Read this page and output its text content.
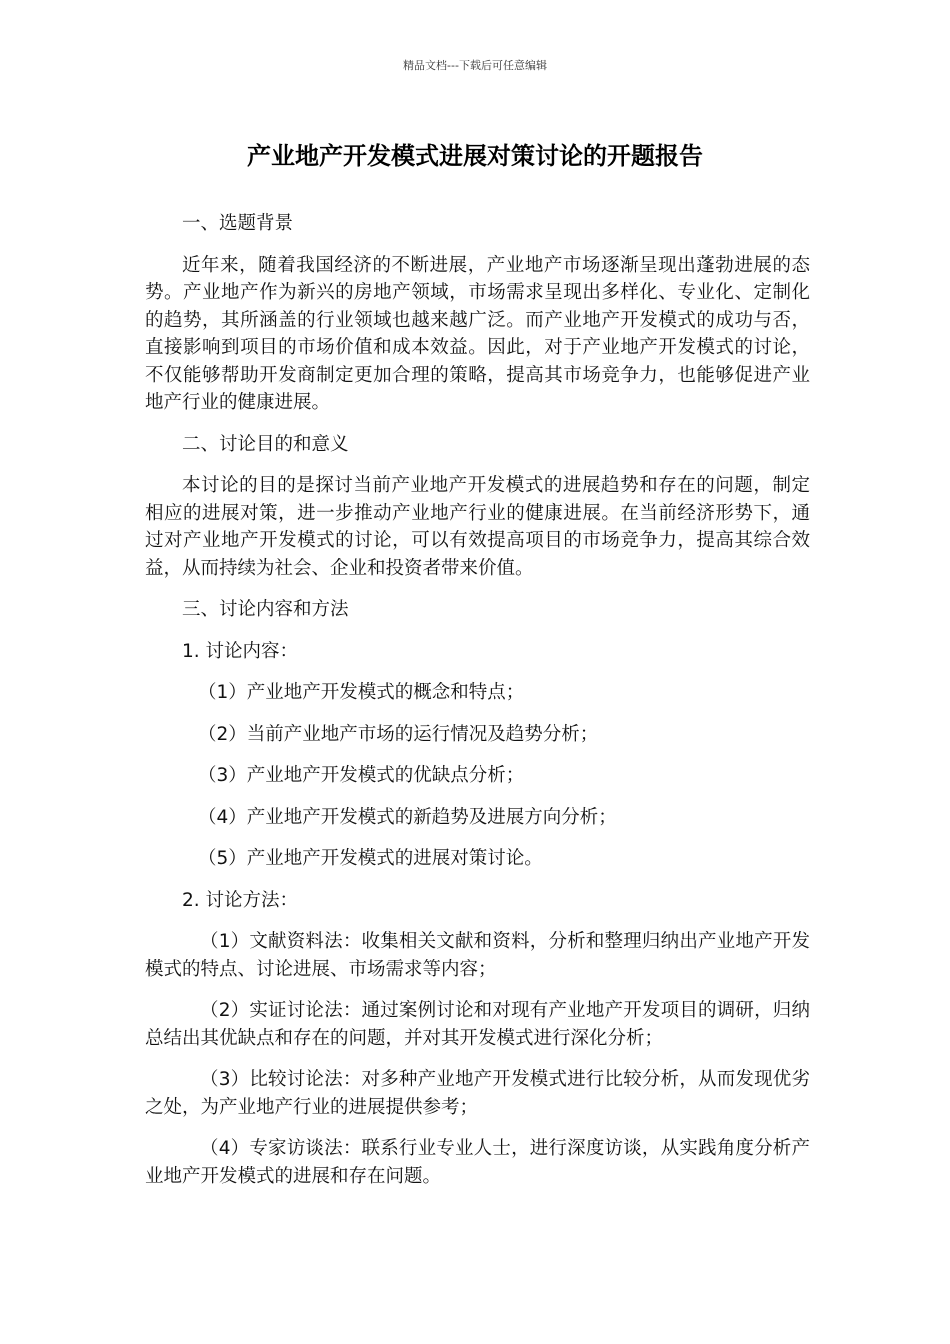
精品文档---下载后可任意编辑
产业地产开发模式进展对策讨论的开题报告

一、选题背景

近年来，随着我国经济的不断进展，产业地产市场逐渐呈现出蓬勃进展的态势。产业地产作为新兴的房地产领域，市场需求呈现出多样化、专业化、定制化的趋势，其所涵盖的行业领域也越来越广泛。而产业地产开发模式的成功与否，直接影响到项目的市场价值和成本效益。因此，对于产业地产开发模式的讨论，不仅能够帮助开发商制定更加合理的策略，提高其市场竞争力，也能够促进产业地产行业的健康进展。

二、讨论目的和意义

本讨论的目的是探讨当前产业地产开发模式的进展趋势和存在的问题，制定相应的进展对策，进一步推动产业地产行业的健康进展。在当前经济形势下，通过对产业地产开发模式的讨论，可以有效提高项目的市场竞争力，提高其综合效益，从而持续为社会、企业和投资者带来价值。

三、讨论内容和方法

1. 讨论内容：

（1）产业地产开发模式的概念和特点；

（2）当前产业地产市场的运行情况及趋势分析；

（3）产业地产开发模式的优缺点分析；

（4）产业地产开发模式的新趋势及进展方向分析；

（5）产业地产开发模式的进展对策讨论。

2. 讨论方法：

（1）文献资料法：收集相关文献和资料，分析和整理归纳出产业地产开发模式的特点、讨论进展、市场需求等内容；

（2）实证讨论法：通过案例讨论和对现有产业地产开发项目的调研，归纳总结出其优缺点和存在的问题，并对其开发模式进行深化分析；

（3）比较讨论法：对多种产业地产开发模式进行比较分析，从而发现优劣之处，为产业地产行业的进展提供参考；

（4）专家访谈法：联系行业专业人士，进行深度访谈，从实践角度分析产业地产开发模式的进展和存在问题。
